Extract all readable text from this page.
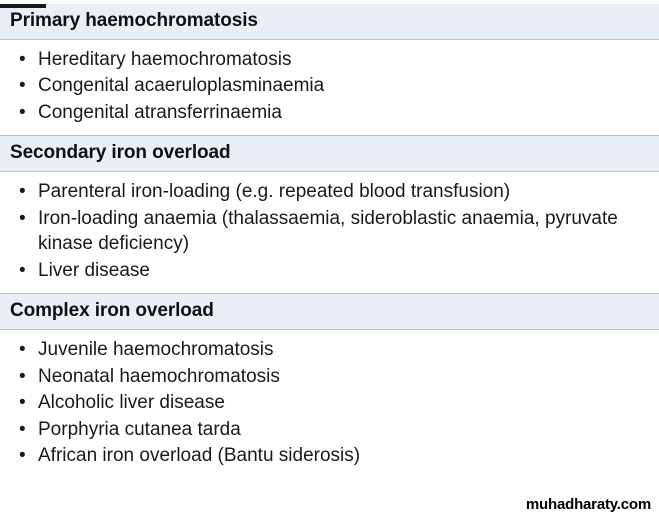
Primary haemochromatosis
• Hereditary haemochromatosis
• Congenital acaeruloplasminaemia
• Congenital atransferrinaemia
Secondary iron overload
• Parenteral iron-loading (e.g. repeated blood transfusion)
• Iron-loading anaemia (thalassaemia, sideroblastic anaemia, pyruvate kinase deficiency)
• Liver disease
Complex iron overload
• Juvenile haemochromatosis
• Neonatal haemochromatosis
• Alcoholic liver disease
• Porphyria cutanea tarda
• African iron overload (Bantu siderosis)
muhadharaty.com
